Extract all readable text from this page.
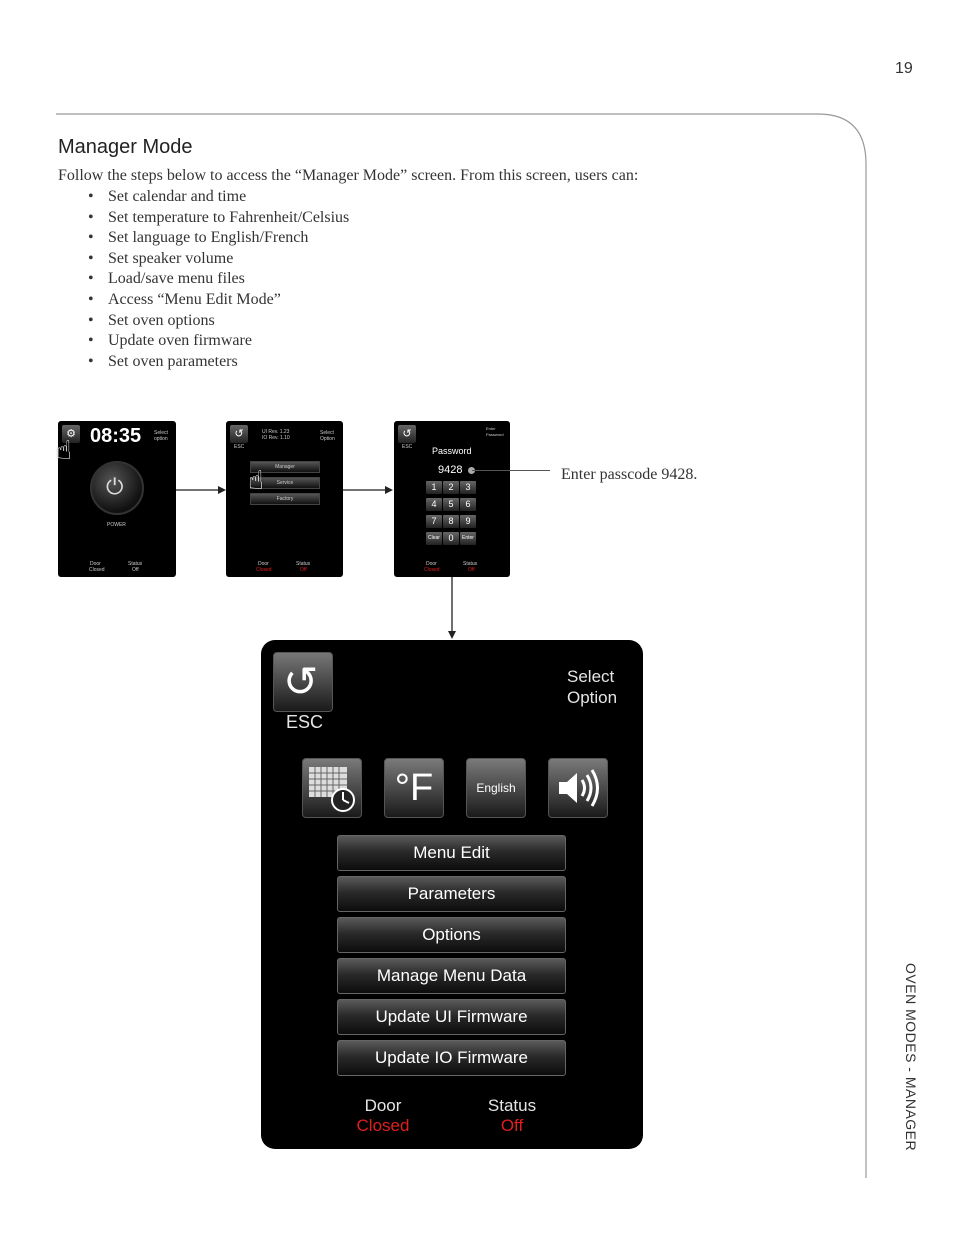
19
Manager Mode
Follow the steps below to access the “Manager Mode” screen. From this screen, users can:
• Set calendar and time
• Set temperature to Fahrenheit/Celsius
• Set language to English/French
• Set speaker volume
• Load/save menu files
• Access “Menu Edit Mode”
• Set oven options
• Update oven firmware
• Set oven parameters
OVEN MODES - MANAGER
⚙ 08:35	Select option
⏻
POWER
Door
Closed
Status
Off
☝
↺
ESC
UI Rev. 1.23
IO Rev. 1.10
Select Option
Manager
Service
Factory
Door
Closed
Status
Off
☝
↺
ESC
Enter Password
Password
9428
1	2	3
4	5	6
7	8	9
Clear 0	Enter
Door
Closed
Status
Off
Enter passcode 9428.
↺
ESC
Select Option
°F	English
Menu Edit
Parameters
Options
Manage Menu Data
Update UI Firmware
Update IO Firmware
Door
Closed
Status
Off
